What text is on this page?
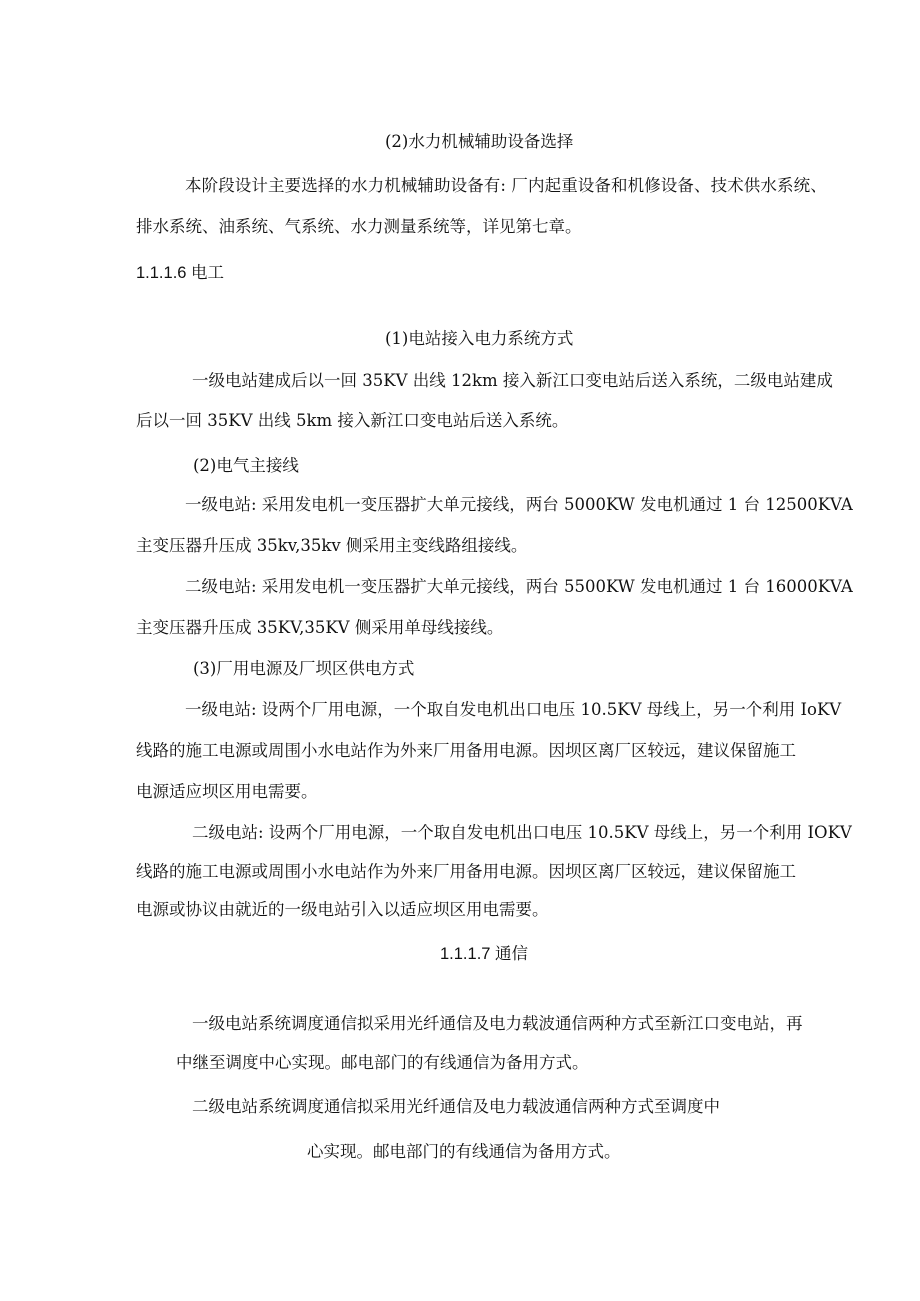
(2)水力机械辅助设备选择

本阶段设计主要选择的水力机械辅助设备有: 厂内起重设备和机修设备、技术供水系统、

排水系统、油系统、气系统、水力测量系统等，详见第七章。

1.1.1.6 电工

(1)电站接入电力系统方式

一级电站建成后以一回 35KV 出线 12km 接入新江口变电站后送入系统，二级电站建成

后以一回 35KV 出线 5km 接入新江口变电站后送入系统。

(2)电气主接线

一级电站: 采用发电机一变压器扩大单元接线，两台 5000KW 发电机通过 1 台 12500KVA

主变压器升压成 35kv,35kv 侧采用主变线路组接线。

二级电站: 采用发电机一变压器扩大单元接线，两台 5500KW 发电机通过 1 台 16000KVA

主变压器升压成 35KV,35KV 侧采用单母线接线。

(3)厂用电源及厂坝区供电方式

一级电站: 设两个厂用电源，一个取自发电机出口电压 10.5KV 母线上，另一个利用 IoKV

线路的施工电源或周围小水电站作为外来厂用备用电源。因坝区离厂区较远，建议保留施工

电源适应坝区用电需要。

二级电站: 设两个厂用电源，一个取自发电机出口电压 10.5KV 母线上，另一个利用 IOKV

线路的施工电源或周围小水电站作为外来厂用备用电源。因坝区离厂区较远，建议保留施工

电源或协议由就近的一级电站引入以适应坝区用电需要。

1.1.1.7 通信

一级电站系统调度通信拟采用光纤通信及电力载波通信两种方式至新江口变电站，再

中继至调度中心实现。邮电部门的有线通信为备用方式。

二级电站系统调度通信拟采用光纤通信及电力载波通信两种方式至调度中

心实现。邮电部门的有线通信为备用方式。
